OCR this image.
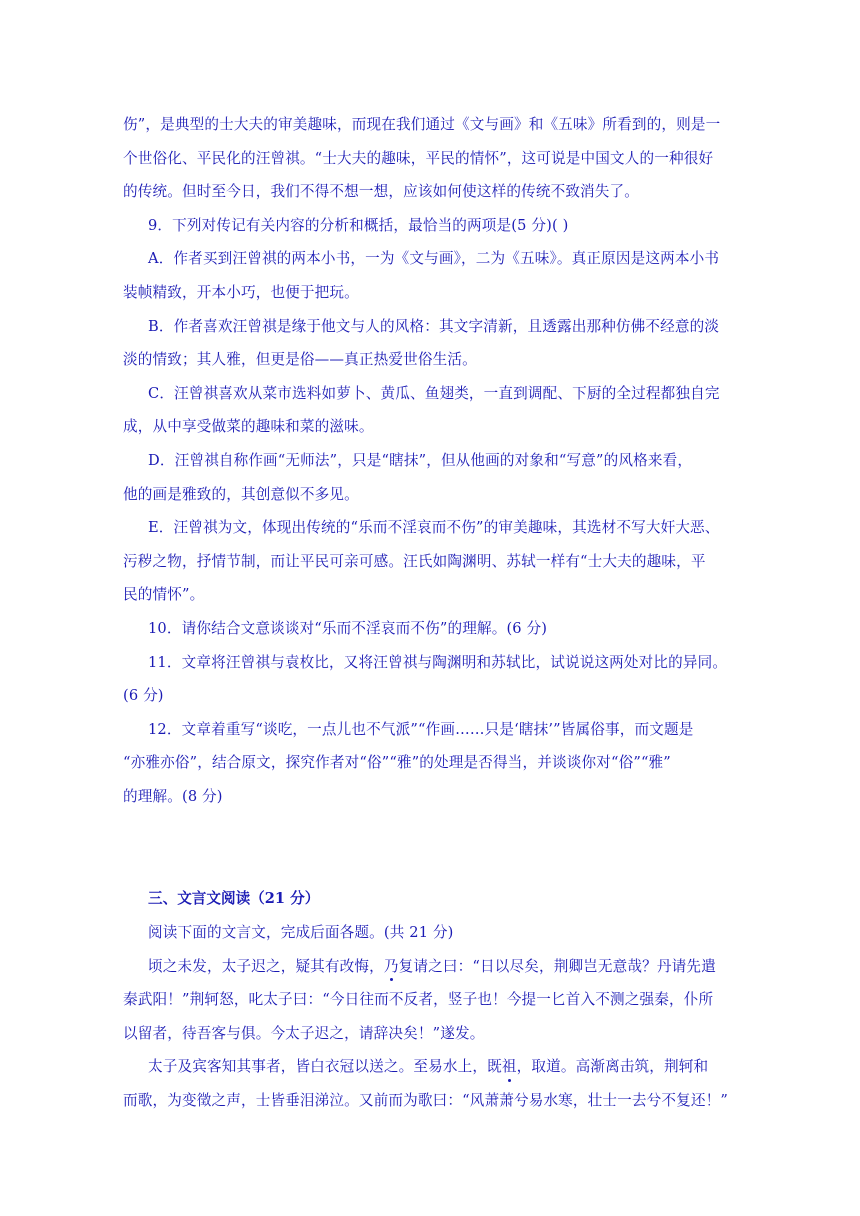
伤”，是典型的士大夫的审美趣味，而现在我们通过《文与画》和《五味》所看到的，则是一
个世俗化、平民化的汪曾祺。“士大夫的趣味，平民的情怀”，这可说是中国文人的一种很好
的传统。但时至今日，我们不得不想一想，应该如何使这样的传统不致消失了。

9．下列对传记有关内容的分析和概括，最恰当的两项是(5 分)( )

A．作者买到汪曾祺的两本小书，一为《文与画》，二为《五味》。真正原因是这两本小书
装帧精致，开本小巧，也便于把玩。

B．作者喜欢汪曾祺是缘于他文与人的风格：其文字清新，且透露出那种仿佛不经意的淡
淡的情致；其人雅，但更是俗——真正热爱世俗生活。

C．汪曾祺喜欢从菜市选料如萝卜、黄瓜、鱼翅类，一直到调配、下厨的全过程都独自完
成，从中享受做菜的趣味和菜的滋味。

D．汪曾祺自称作画“无师法”，只是“瞎抹”，但从他画的对象和“写意”的风格来看，
他的画是雅致的，其创意似不多见。

E．汪曾祺为文，体现出传统的“乐而不淫哀而不伤”的审美趣味，其选材不写大奸大恶、
污秽之物，抒情节制，而让平民可亲可感。汪氏如陶渊明、苏轼一样有“士大夫的趣味，平
民的情怀”。

10．请你结合文意谈谈对“乐而不淫哀而不伤”的理解。(6 分)

11．文章将汪曾祺与袁枚比，又将汪曾祺与陶渊明和苏轼比，试说说这两处对比的异同。
(6 分)

12．文章着重写“谈吃，一点儿也不气派”“作画……只是‘瞎抹’”皆属俗事，而文题是
“亦雅亦俗”，结合原文，探究作者对“俗”“雅”的处理是否得当，并谈谈你对“俗”“雅”
的理解。(8 分)

三、文言文阅读（21 分）

阅读下面的文言文，完成后面各题。(共 21 分)

顷之未发，太子迟之，疑其有改悔，乃复请之曰：“日以尽矣，荆卿岂无意哉？丹请先遣
秦武阳！”荆轲怒，叱太子曰：“今日往而不反者，竖子也！今提一匕首入不测之强秦，仆所
以留者，待吾客与俱。今太子迟之，请辞决矣！”遂发。

太子及宾客知其事者，皆白衣冠以送之。至易水上，既祖，取道。高渐离击筑，荆轲和
而歌，为变徵之声，士皆垂泪涕泣。又前而为歌曰：“风萧萧兮易水寒，壮士一去兮不复还！”
